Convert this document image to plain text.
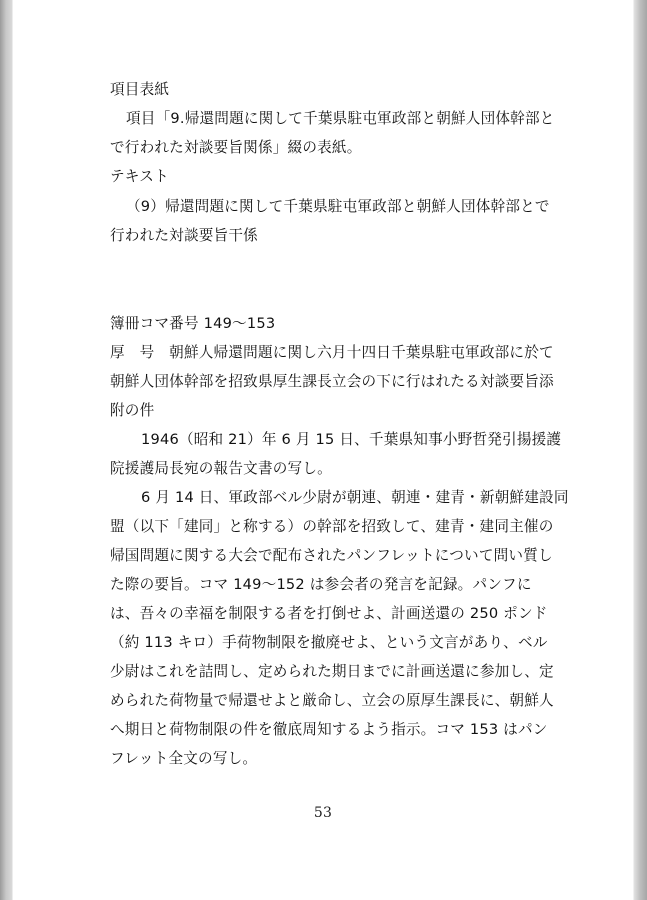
項目表紙
項目「9.帰還問題に関して千葉県駐屯軍政部と朝鮮人団体幹部と
で行われた対談要旨関係」綴の表紙。
テキスト
（9）帰還問題に関して千葉県駐屯軍政部と朝鮮人団体幹部とで
行われた対談要旨干係
簿冊コマ番号 149～153
厚　号　朝鮮人帰還問題に関し六月十四日千葉県駐屯軍政部に於て
朝鮮人団体幹部を招致県厚生課長立会の下に行はれたる対談要旨添
附の件
1946（昭和 21）年 6 月 15 日、千葉県知事小野哲発引揚援護
院援護局長宛の報告文書の写し。
6 月 14 日、軍政部ベル少尉が朝連、朝連・建青・新朝鮮建設同
盟（以下「建同」と称する）の幹部を招致して、建青・建同主催の
帰国問題に関する大会で配布されたパンフレットについて問い質し
た際の要旨。コマ 149～152 は参会者の発言を記録。パンフに
は、吾々の幸福を制限する者を打倒せよ、計画送還の 250 ポンド
（約 113 キロ）手荷物制限を撤廃せよ、という文言があり、ベル
少尉はこれを詰問し、定められた期日までに計画送還に参加し、定
められた荷物量で帰還せよと厳命し、立会の原厚生課長に、朝鮮人
へ期日と荷物制限の件を徹底周知するよう指示。コマ 153 はパン
フレット全文の写し。
53
